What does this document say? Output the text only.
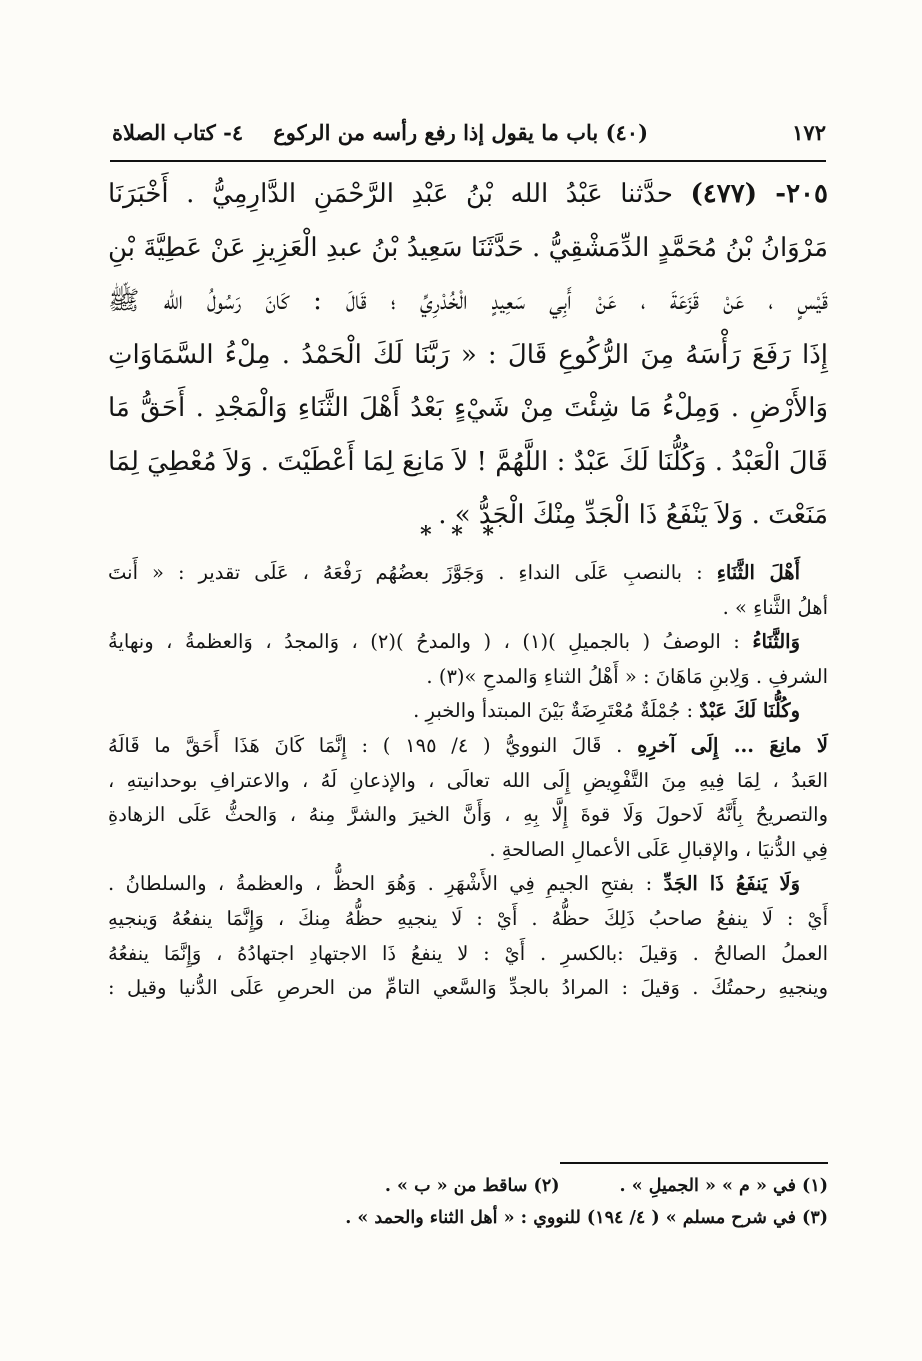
١٧٢
(٤٠) باب ما يقول إذا رفع رأسه من الركوع
٤- كتاب الصلاة
٢٠٥- (٤٧٧) حدَّثنا عَبْدُ الله بْنُ عَبْدِ الرَّحْمَنِ الدَّارِمِيُّ . أَخْبَرَنَا
مَرْوَانُ بْنُ مُحَمَّدٍ الدِّمَشْقِيُّ . حَدَّثَنَا سَعِيدُ بْنُ عبدِ الْعَزِيزِ عَنْ عَطِيَّةَ بْنِ
قَيْسٍ ، عَنْ قَزَعَةَ ، عَنْ أَبِي سَعِيدٍ الْخُدْرِيِّ ؛ قَالَ : كَانَ رَسُولُ الله ﷺ
إِذَا رَفَعَ رَأْسَهُ مِنَ الرُّكُوعِ قَالَ : « رَبَّنَا لَكَ الْحَمْدُ . مِلْءُ السَّمَاوَاتِ
وَالأَرْضِ . وَمِلْءُ مَا شِئْتَ مِنْ شَيْءٍ بَعْدُ أَهْلَ الثَّنَاءِ وَالْمَجْدِ . أَحَقُّ مَا
قَالَ الْعَبْدُ . وَكُلُّنَا لَكَ عَبْدٌ : اللَّهُمَّ ! لاَ مَانِعَ لِمَا أَعْطَيْتَ . وَلاَ مُعْطِيَ لِمَا
مَنَعْتَ . وَلاَ يَنْفَعُ ذَا الْجَدِّ مِنْكَ الْجَدُّ » .
* * *
أَهْلَ الثَّنَاءِ : بالنصبِ عَلَى النداءِ . وَجَوَّزَ بعضُهُم رَفْعَهُ ، عَلَى تقدير : « أَنتَ
أهلُ الثَّناءِ » .
وَالثَّنَاءُ : الوصفُ ( بالجميلِ )(١) ، ( والمدحُ )(٢) ، وَالمجدُ ، وَالعظمةُ ، ونهايةُ
الشرفِ . وَلِابنِ مَاهَانَ : « أَهْلُ الثناءِ وَالمدحِ »(٣) .
وكُلُّنَا لَكَ عَبْدٌ : جُمْلَةٌ مُعْتَرِضَةٌ بَيْنَ المبتدأ والخبرِ .
لَا مانِعَ ... إِلَى آخرِهِ . قَالَ النوويُّ ( ٤/ ١٩٥ ) : إِنَّمَا كَانَ هَذَا أَحَقَّ ما قَالَهُ
العَبدُ ، لِمَا فِيهِ مِنَ التَّفْوِيضِ إِلَى الله تعالَى ، والإذعانِ لَهُ ، والاعترافِ بوحدانيتهِ ،
والتصريحُ بِأَنَّهُ لَاحولَ وَلَا قوةَ إِلَّا بِهِ ، وَأَنَّ الخيرَ والشرَّ مِنهُ ، وَالحثُّ عَلَى الزهادةِ
فِي الدُّنيَا ، والإقبالِ عَلَى الأعمالِ الصالحةِ .
وَلَا يَنفَعُ ذَا الجَدِّ : بفتحِ الجيمِ فِي الأَشْهَرِ . وَهُوَ الحظُّ ، والعظمةُ ، والسلطانُ .
أَيْ : لَا ينفعُ صاحبُ ذَلِكَ حظُّهُ . أَيْ : لَا ينجيهِ حظُّهُ مِنكَ ، وَإِنَّمَا ينفعُهُ وَينجيهِ
العملُ الصالحُ . وَقيلَ :بالكسرِ . أَيْ : لا ينفعُ ذَا الاجتهادِ اجتهادُهُ ، وَإِنَّمَا ينفعُهُ
وينجيهِ رحمتُكَ . وَقيلَ : المرادُ بالجدِّ وَالسَّعي التامِّ من الحرصِ عَلَى الدُّنيا وقيل :
(١) في « م » « الجميلِ » .(٢) ساقط من « ب » .
(٣) في شرح مسلم » ( ٤/ ١٩٤) للنووي : « أهل الثناء والحمد » .
